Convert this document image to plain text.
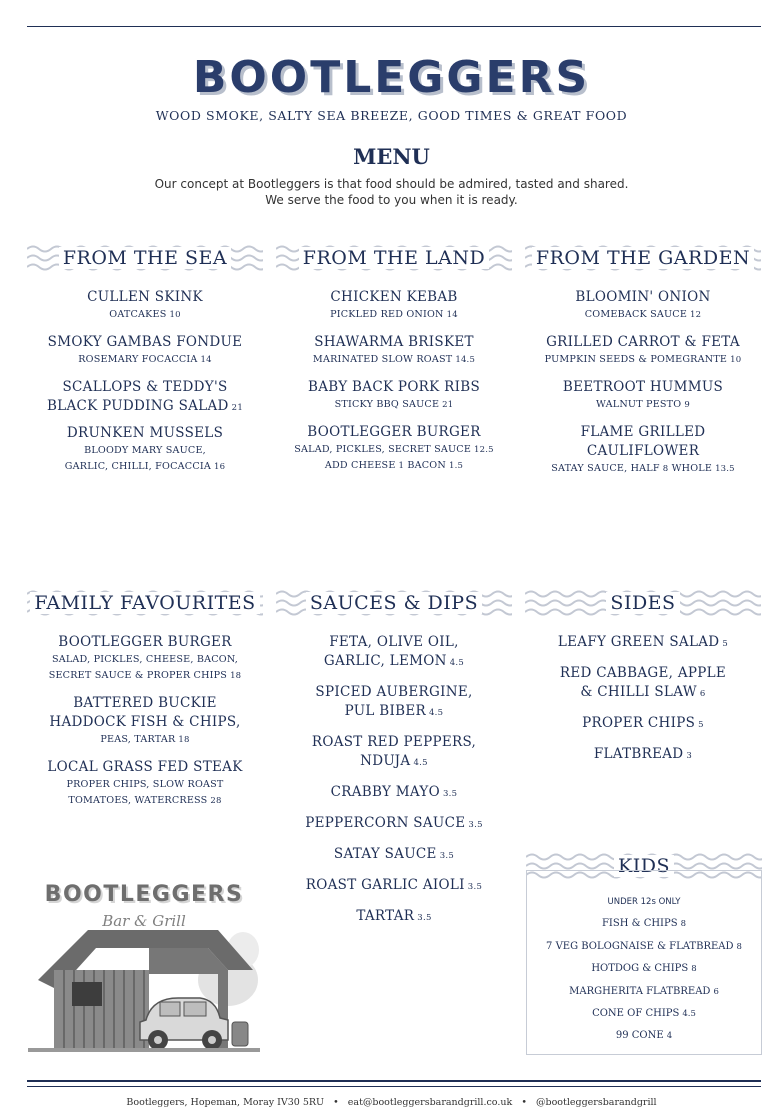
BOOTLEGGERS
WOOD SMOKE, SALTY SEA BREEZE, GOOD TIMES & GREAT FOOD
MENU
Our concept at Bootleggers is that food should be admired, tasted and shared.
We serve the food to you when it is ready.
FROM THE SEA
CULLEN SKINK
OATCAKES 10
SMOKY GAMBAS FONDUE
ROSEMARY FOCACCIA 14
SCALLOPS & TEDDY'S
BLACK PUDDING SALAD 21
DRUNKEN MUSSELS
BLOODY MARY SAUCE,
GARLIC, CHILLI, FOCACCIA 16
FROM THE LAND
CHICKEN KEBAB
PICKLED RED ONION 14
SHAWARMA BRISKET
MARINATED SLOW ROAST 14.5
BABY BACK PORK RIBS
STICKY BBQ SAUCE 21
BOOTLEGGER BURGER
SALAD, PICKLES, SECRET SAUCE 12.5
ADD CHEESE 1 BACON 1.5
FROM THE GARDEN
BLOOMIN' ONION
COMEBACK SAUCE 12
GRILLED CARROT & FETA
PUMPKIN SEEDS & POMEGRANTE 10
BEETROOT HUMMUS
WALNUT PESTO 9
FLAME GRILLED
CAULIFLOWER
SATAY SAUCE, HALF 8 WHOLE 13.5
FAMILY FAVOURITES
BOOTLEGGER BURGER
SALAD, PICKLES, CHEESE, BACON,
SECRET SAUCE & PROPER CHIPS 18
BATTERED BUCKIE
HADDOCK FISH & CHIPS,
PEAS, TARTAR 18
LOCAL GRASS FED STEAK
PROPER CHIPS, SLOW ROAST
TOMATOES, WATERCRESS 28
SAUCES & DIPS
FETA, OLIVE OIL,
GARLIC, LEMON 4.5
SPICED AUBERGINE,
PUL BIBER 4.5
ROAST RED PEPPERS,
NDUJA 4.5
CRABBY MAYO 3.5
PEPPERCORN SAUCE 3.5
SATAY SAUCE 3.5
ROAST GARLIC AIOLI 3.5
TARTAR 3.5
SIDES
LEAFY GREEN SALAD 5
RED CABBAGE, APPLE
& CHILLI SLAW 6
PROPER CHIPS 5
FLATBREAD 3
KIDS
UNDER 12s ONLY
FISH & CHIPS 8
7 VEG BOLOGNAISE & FLATBREAD 8
HOTDOG & CHIPS 8
MARGHERITA FLATBREAD 6
CONE OF CHIPS 4.5
99 CONE 4
BOOTLEGGERS
Bar & Grill
Bootleggers, Hopeman, Moray IV30 5RU • eat@bootleggersbarandgrill.co.uk • @bootleggersbarandgrill
